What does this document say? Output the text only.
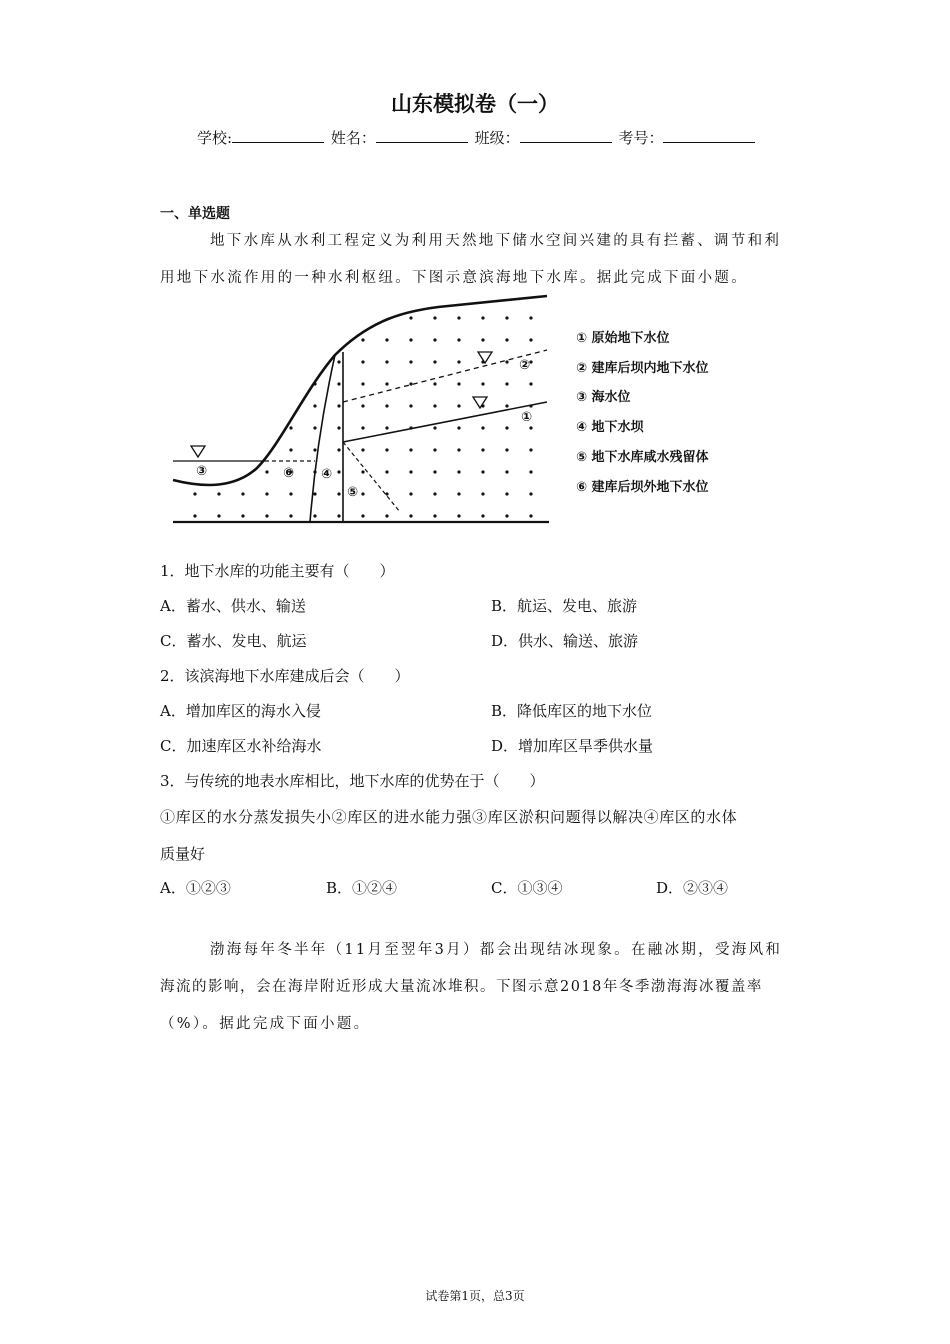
山东模拟卷（一）
学校:	姓名：	班级：	考号：
一、单选题
地下水库从水利工程定义为利用天然地下储水空间兴建的具有拦蓄、调节和利
用地下水流作用的一种水利枢纽。下图示意滨海地下水库。据此完成下面小题。
③	⑥ ④
⑤
②
①
① 原始地下水位
② 建库后坝内地下水位
③ 海水位
④ 地下水坝
⑤ 地下水库咸水残留体
⑥ 建库后坝外地下水位
1．地下水库的功能主要有（　　）
A．蓄水、供水、输送	B．航运、发电、旅游
C．蓄水、发电、航运	D．供水、输送、旅游
2．该滨海地下水库建成后会（　　）
A．增加库区的海水入侵	B．降低库区的地下水位
C．加速库区水补给海水	D．增加库区旱季供水量
3．与传统的地表水库相比，地下水库的优势在于（　　）
①库区的水分蒸发损失小②库区的进水能力强③库区淤积问题得以解决④库区的水体
质量好
A．①②③	B．①②④	C．①③④	D．②③④
渤海每年冬半年（11月至翌年3月）都会出现结冰现象。在融冰期，受海风和
海流的影响，会在海岸附近形成大量流冰堆积。下图示意2018年冬季渤海海冰覆盖率
（%）。据此完成下面小题。
试卷第1页，总3页
